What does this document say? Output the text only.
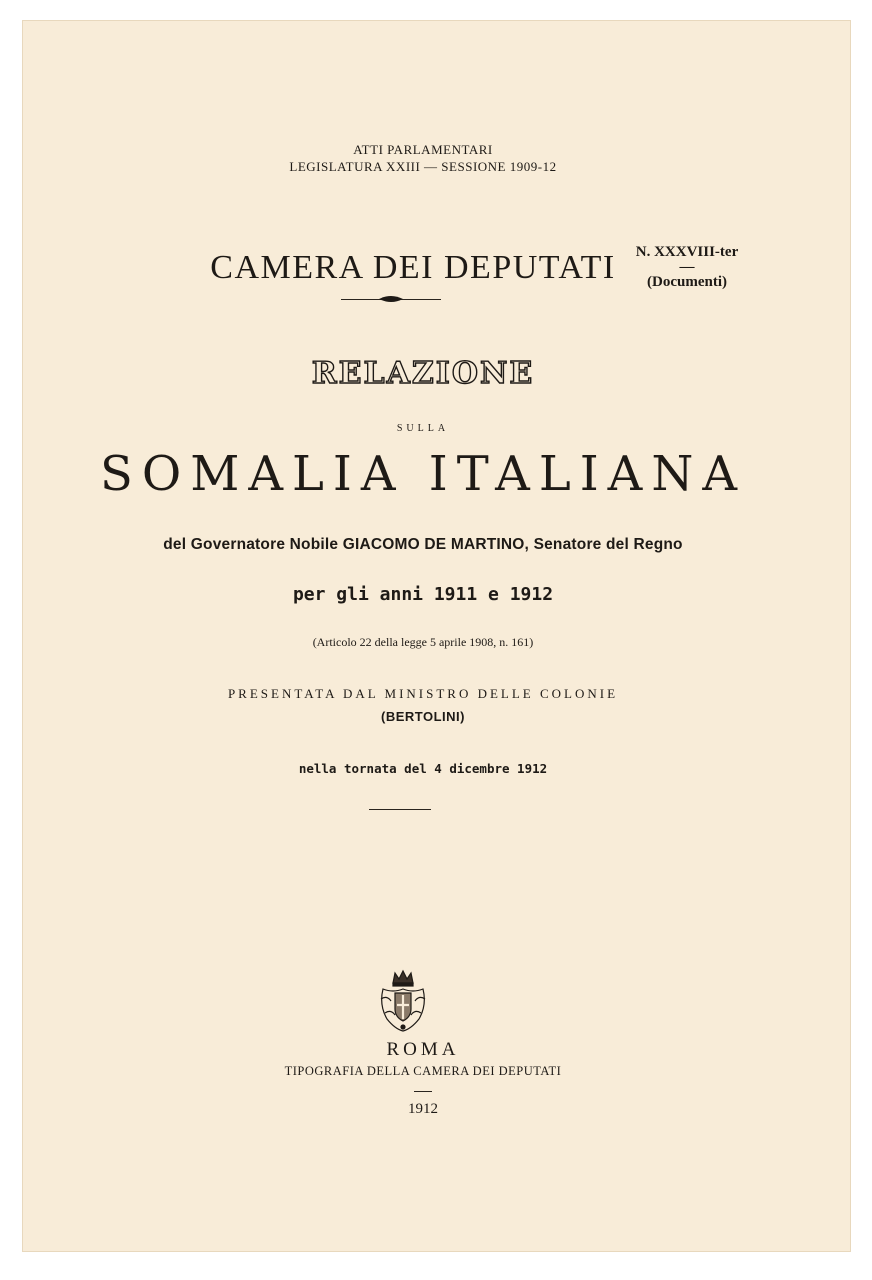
ATTI PARLAMENTARI
LEGISLATURA XXIII — SESSIONE 1909-12
CAMERA DEI DEPUTATI	N. XXXVIII-ter
—
(Documenti)
RELAZIONE
SULLA
SOMALIA ITALIANA
del Governatore Nobile GIACOMO DE MARTINO, Senatore del Regno
per gli anni 1911 e 1912
(Articolo 22 della legge 5 aprile 1908, n. 161)
PRESENTATA DAL MINISTRO DELLE COLONIE
(BERTOLINI)
nella tornata del 4 dicembre 1912
ROMA
TIPOGRAFIA DELLA CAMERA DEI DEPUTATI
1912
